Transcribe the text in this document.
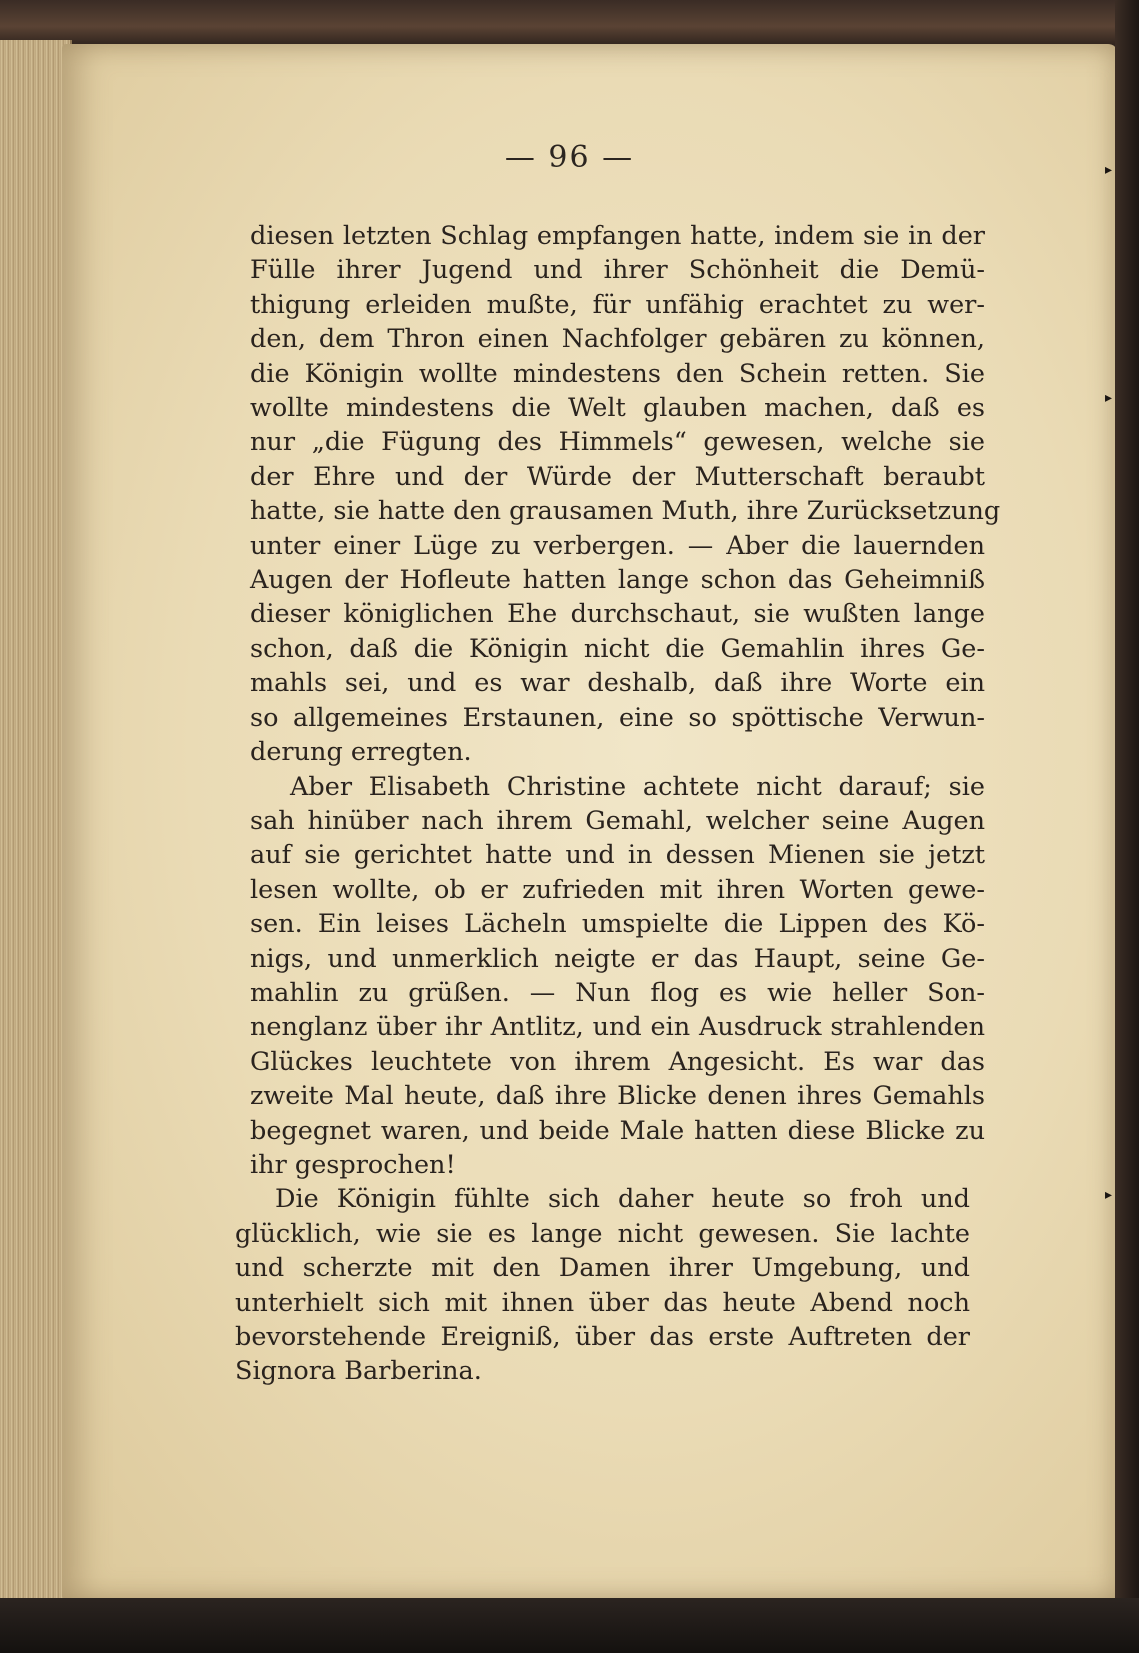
▸
▸
▸
— 96 —
diesen letzten Schlag empfangen hatte, indem sie in der
Fülle ihrer Jugend und ihrer Schönheit die Demü-
thigung erleiden mußte, für unfähig erachtet zu wer-
den, dem Thron einen Nachfolger gebären zu können,
die Königin wollte mindestens den Schein retten. Sie
wollte mindestens die Welt glauben machen, daß es
nur „die Fügung des Himmels“ gewesen, welche sie
der Ehre und der Würde der Mutterschaft beraubt
hatte, sie hatte den grausamen Muth, ihre Zurücksetzung
unter einer Lüge zu verbergen. — Aber die lauernden
Augen der Hofleute hatten lange schon das Geheimniß
dieser königlichen Ehe durchschaut, sie wußten lange
schon, daß die Königin nicht die Gemahlin ihres Ge-
mahls sei, und es war deshalb, daß ihre Worte ein
so allgemeines Erstaunen, eine so spöttische Verwun-
derung erregten.
Aber Elisabeth Christine achtete nicht darauf; sie
sah hinüber nach ihrem Gemahl, welcher seine Augen
auf sie gerichtet hatte und in dessen Mienen sie jetzt
lesen wollte, ob er zufrieden mit ihren Worten gewe-
sen. Ein leises Lächeln umspielte die Lippen des Kö-
nigs, und unmerklich neigte er das Haupt, seine Ge-
mahlin zu grüßen. — Nun flog es wie heller Son-
nenglanz über ihr Antlitz, und ein Ausdruck strahlenden
Glückes leuchtete von ihrem Angesicht. Es war das
zweite Mal heute, daß ihre Blicke denen ihres Gemahls
begegnet waren, und beide Male hatten diese Blicke zu
ihr gesprochen!
Die Königin fühlte sich daher heute so froh und
glücklich, wie sie es lange nicht gewesen. Sie lachte
und scherzte mit den Damen ihrer Umgebung, und
unterhielt sich mit ihnen über das heute Abend noch
bevorstehende Ereigniß, über das erste Auftreten der
Signora Barberina.
